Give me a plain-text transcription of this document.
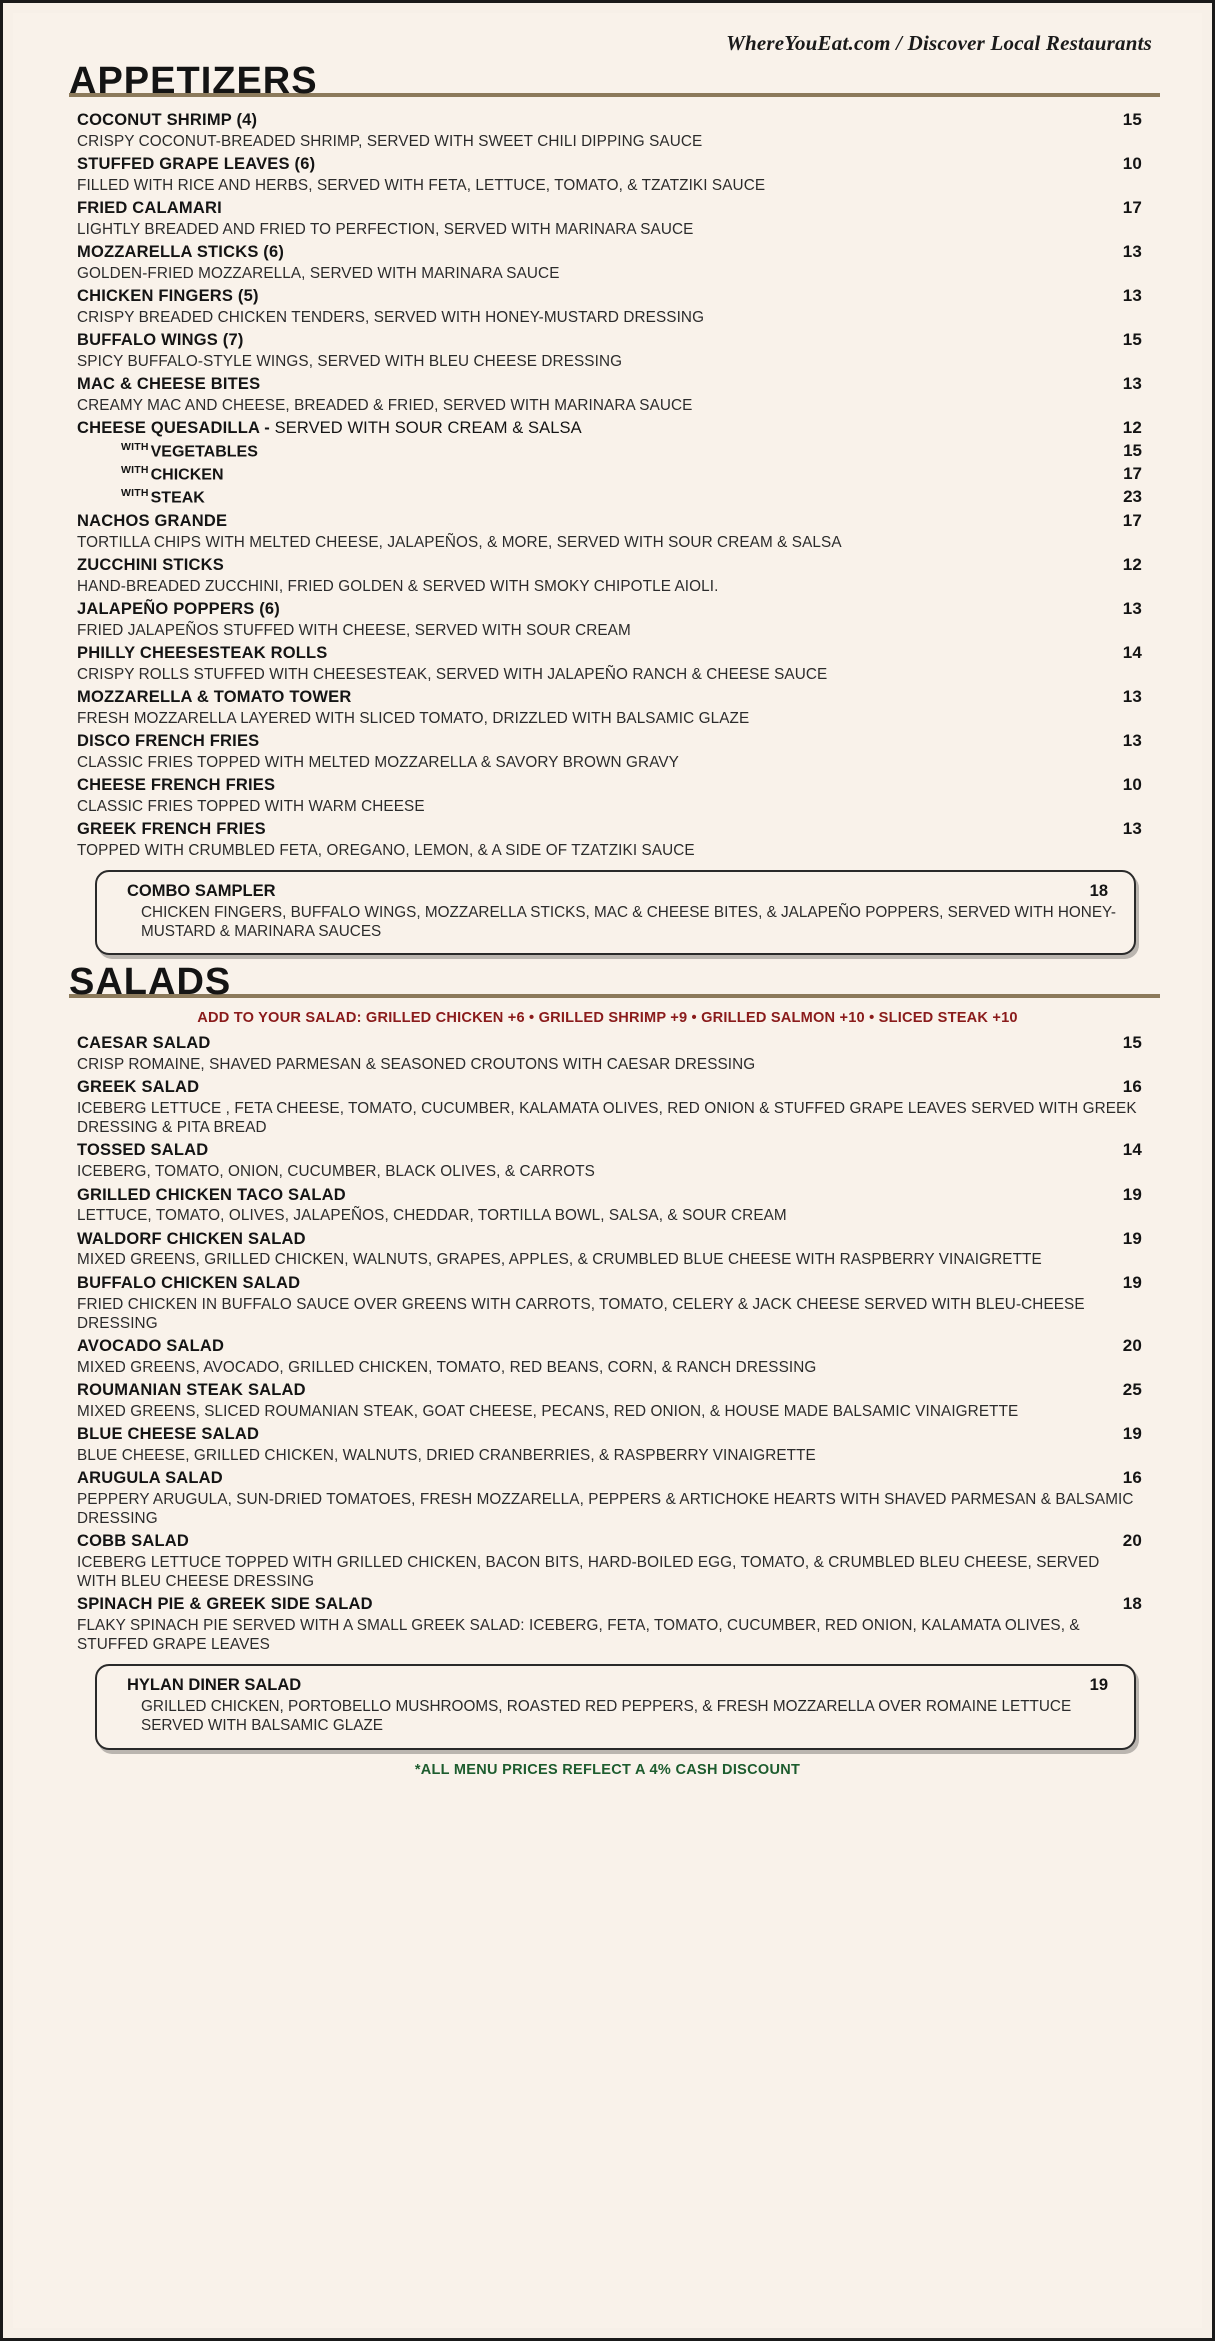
WhereYouEat.com / Discover Local Restaurants
APPETIZERS
COCONUT SHRIMP (4)	15
CRISPY COCONUT-BREADED SHRIMP, SERVED WITH SWEET CHILI DIPPING SAUCE
STUFFED GRAPE LEAVES (6)	10
FILLED WITH RICE AND HERBS, SERVED WITH FETA, LETTUCE, TOMATO, & TZATZIKI SAUCE
FRIED CALAMARI	17
LIGHTLY BREADED AND FRIED TO PERFECTION, SERVED WITH MARINARA SAUCE
MOZZARELLA STICKS (6)	13
GOLDEN-FRIED MOZZARELLA, SERVED WITH MARINARA SAUCE
CHICKEN FINGERS (5)	13
CRISPY BREADED CHICKEN TENDERS, SERVED WITH HONEY-MUSTARD DRESSING
BUFFALO WINGS (7)	15
SPICY BUFFALO-STYLE WINGS, SERVED WITH BLEU CHEESE DRESSING
MAC & CHEESE BITES	13
CREAMY MAC AND CHEESE, BREADED & FRIED, SERVED WITH MARINARA SAUCE
CHEESE QUESADILLA - SERVED WITH SOUR CREAM & SALSA	12
$^{WITH}$ VEGETABLES	15
$^{WITH}$ CHICKEN	17
$^{WITH}$ STEAK	23
NACHOS GRANDE	17
TORTILLA CHIPS WITH MELTED CHEESE, JALAPEÑOS, & MORE, SERVED WITH SOUR CREAM & SALSA
ZUCCHINI STICKS	12
HAND-BREADED ZUCCHINI, FRIED GOLDEN & SERVED WITH SMOKY CHIPOTLE AIOLI.
JALAPEÑO POPPERS (6)	13
FRIED JALAPEÑOS STUFFED WITH CHEESE, SERVED WITH SOUR CREAM
PHILLY CHEESESTEAK ROLLS	14
CRISPY ROLLS STUFFED WITH CHEESESTEAK, SERVED WITH JALAPEÑO RANCH & CHEESE SAUCE
MOZZARELLA & TOMATO TOWER	13
FRESH MOZZARELLA LAYERED WITH SLICED TOMATO, DRIZZLED WITH BALSAMIC GLAZE
DISCO FRENCH FRIES	13
CLASSIC FRIES TOPPED WITH MELTED MOZZARELLA & SAVORY BROWN GRAVY
CHEESE FRENCH FRIES	10
CLASSIC FRIES TOPPED WITH WARM CHEESE
GREEK FRENCH FRIES	13
TOPPED WITH CRUMBLED FETA, OREGANO, LEMON, & A SIDE OF TZATZIKI SAUCE
COMBO SAMPLER	18
CHICKEN FINGERS, BUFFALO WINGS, MOZZARELLA STICKS, MAC & CHEESE BITES, & JALAPEÑO POPPERS, SERVED WITH HONEY-MUSTARD & MARINARA SAUCES
SALADS
ADD TO YOUR SALAD: GRILLED CHICKEN +6 • GRILLED SHRIMP +9 • GRILLED SALMON +10 • SLICED STEAK +10
CAESAR SALAD	15
CRISP ROMAINE, SHAVED PARMESAN & SEASONED CROUTONS WITH CAESAR DRESSING
GREEK SALAD	16
ICEBERG LETTUCE , FETA CHEESE, TOMATO, CUCUMBER, KALAMATA OLIVES, RED ONION & STUFFED GRAPE LEAVES SERVED WITH GREEK DRESSING & PITA BREAD
TOSSED SALAD	14
ICEBERG, TOMATO, ONION, CUCUMBER, BLACK OLIVES, & CARROTS
GRILLED CHICKEN TACO SALAD	19
LETTUCE, TOMATO, OLIVES, JALAPEÑOS, CHEDDAR, TORTILLA BOWL, SALSA, & SOUR CREAM
WALDORF CHICKEN SALAD	19
MIXED GREENS, GRILLED CHICKEN, WALNUTS, GRAPES, APPLES, & CRUMBLED BLUE CHEESE WITH RASPBERRY VINAIGRETTE
BUFFALO CHICKEN SALAD	19
FRIED CHICKEN IN BUFFALO SAUCE OVER GREENS WITH CARROTS, TOMATO, CELERY & JACK CHEESE SERVED WITH BLEU-CHEESE DRESSING
AVOCADO SALAD	20
MIXED GREENS, AVOCADO, GRILLED CHICKEN, TOMATO, RED BEANS, CORN, & RANCH DRESSING
ROUMANIAN STEAK SALAD	25
MIXED GREENS, SLICED ROUMANIAN STEAK, GOAT CHEESE, PECANS, RED ONION, & HOUSE MADE BALSAMIC VINAIGRETTE
BLUE CHEESE SALAD	19
BLUE CHEESE, GRILLED CHICKEN, WALNUTS, DRIED CRANBERRIES, & RASPBERRY VINAIGRETTE
ARUGULA SALAD	16
PEPPERY ARUGULA, SUN-DRIED TOMATOES, FRESH MOZZARELLA, PEPPERS & ARTICHOKE HEARTS WITH SHAVED PARMESAN & BALSAMIC DRESSING
COBB SALAD	20
ICEBERG LETTUCE TOPPED WITH GRILLED CHICKEN, BACON BITS, HARD-BOILED EGG, TOMATO, & CRUMBLED BLEU CHEESE, SERVED WITH BLEU CHEESE DRESSING
SPINACH PIE & GREEK SIDE SALAD	18
FLAKY SPINACH PIE SERVED WITH A SMALL GREEK SALAD: ICEBERG, FETA, TOMATO, CUCUMBER, RED ONION, KALAMATA OLIVES, & STUFFED GRAPE LEAVES
HYLAN DINER SALAD	19
GRILLED CHICKEN, PORTOBELLO MUSHROOMS, ROASTED RED PEPPERS, & FRESH MOZZARELLA OVER ROMAINE LETTUCE SERVED WITH BALSAMIC GLAZE
*ALL MENU PRICES REFLECT A 4% CASH DISCOUNT
